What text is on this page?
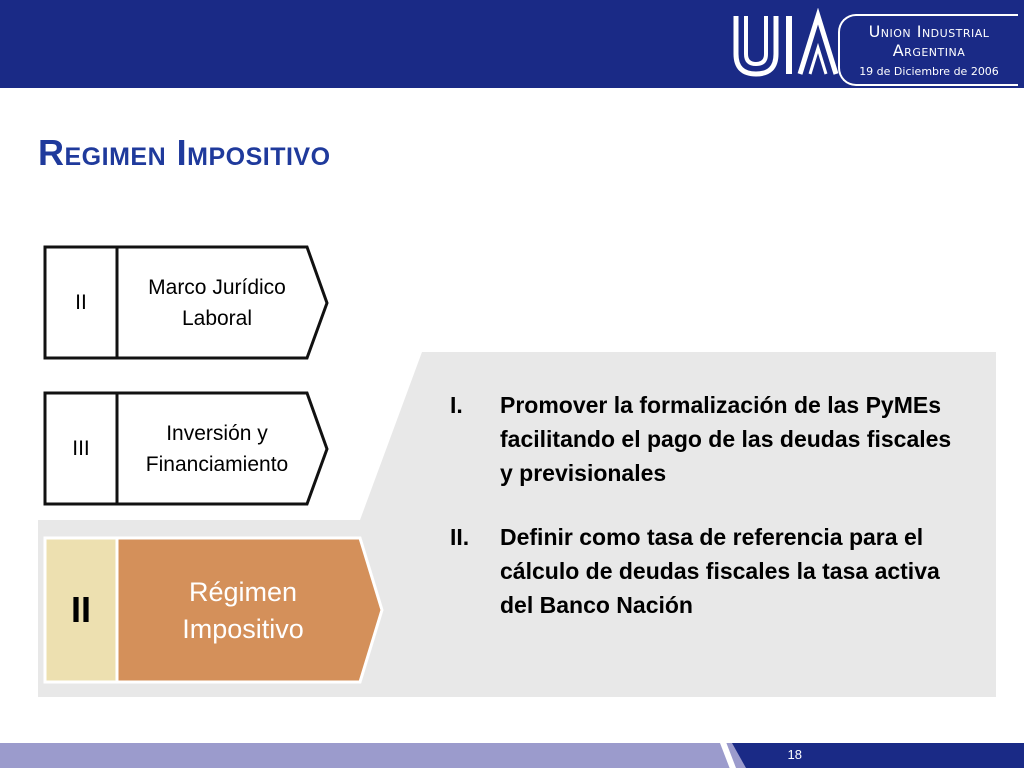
Union Industrial
Argentina
19 de Diciembre de 2006
Regimen Impositivo
II
Marco Jurídico
Laboral
III
Inversión y
Financiamiento
II	Régimen
Impositivo
I.	Promover la formalización de las PyMEs facilitando el pago de las deudas fiscales y previsionales
II.	Definir como tasa de referencia para el cálculo de deudas fiscales la tasa activa del Banco Nación
18
